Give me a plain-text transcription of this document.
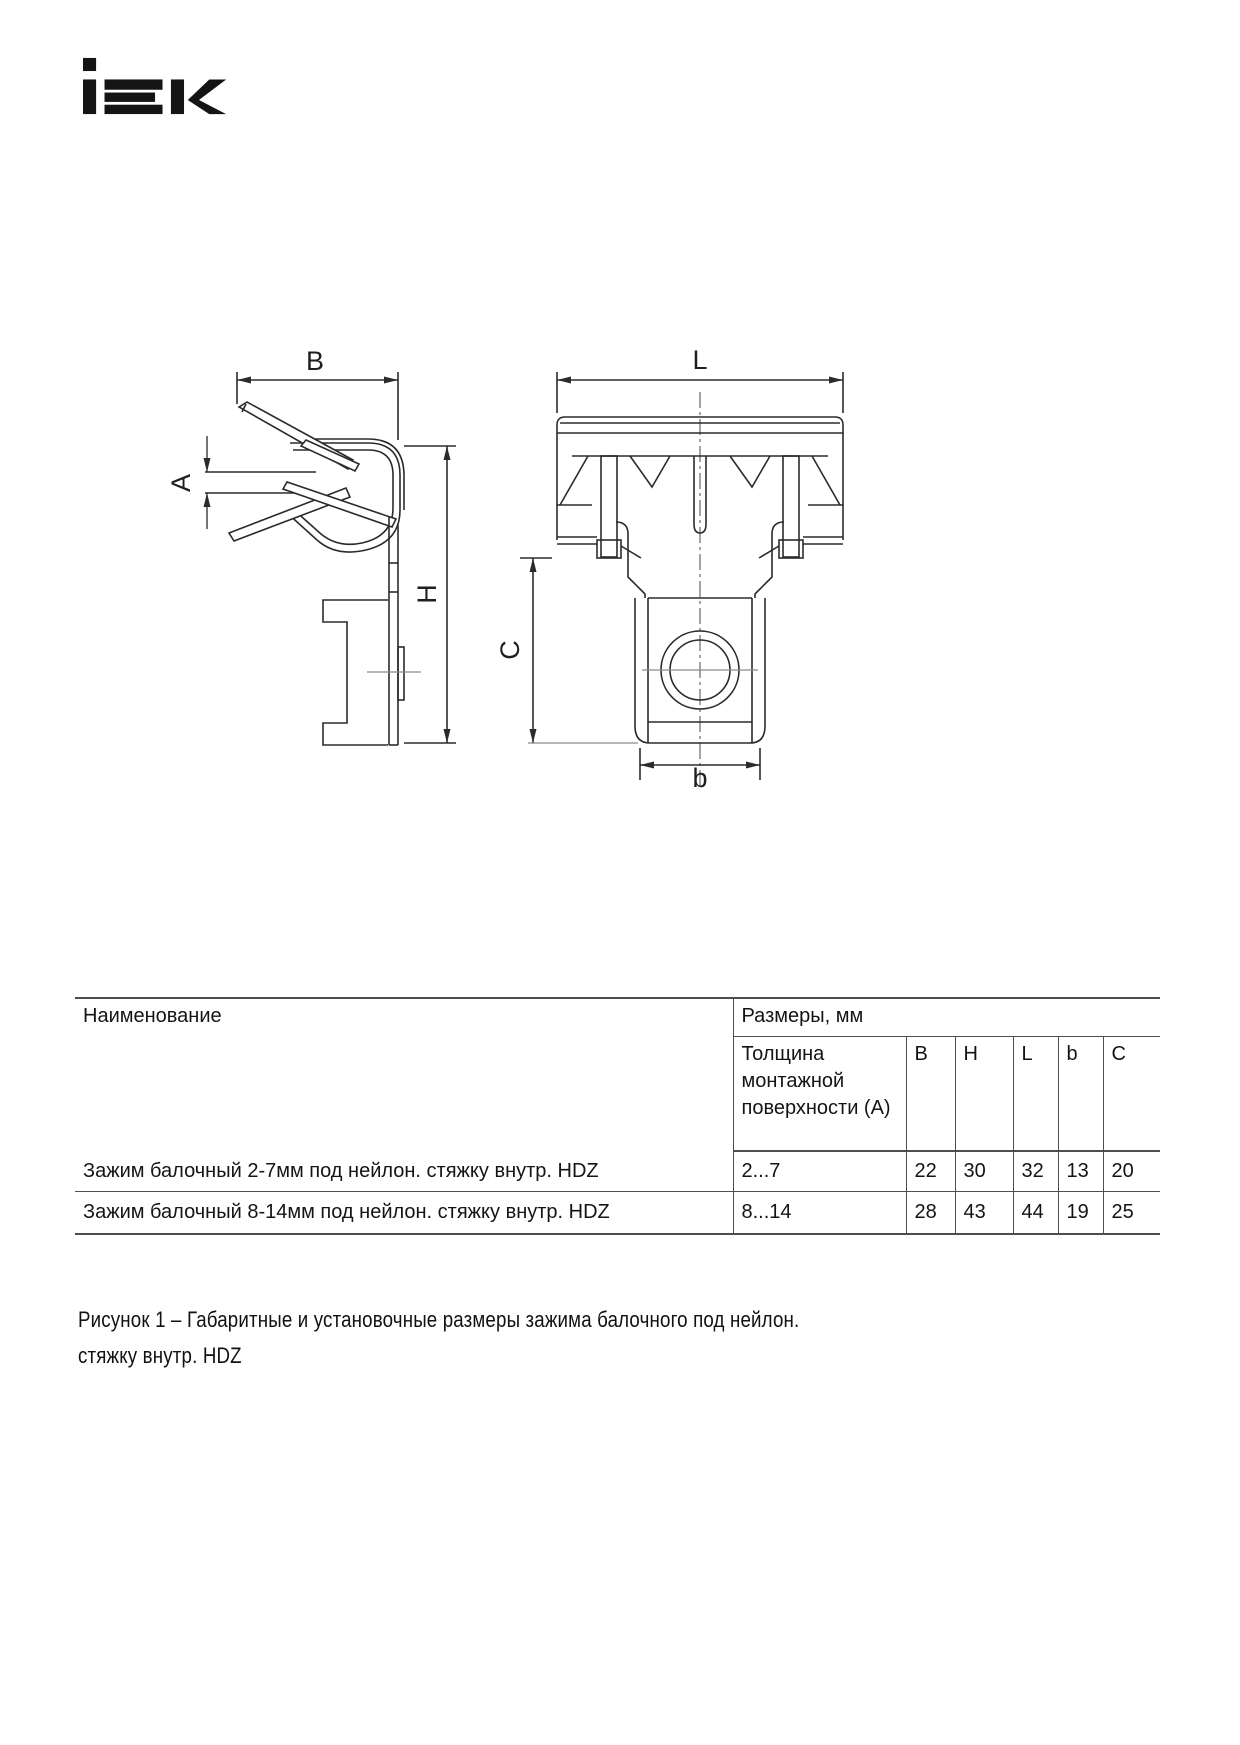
B
A
H
L
C
b
Наименование	Размеры, мм					
	Толщина монтажной поверхности (А)	B	H	L	b	C
Зажим балочный 2-7мм под нейлон. стяжку внутр. HDZ	2...7	22	30	32	13	20
Зажим балочный 8-14мм под нейлон. стяжку внутр. HDZ	8...14	28	43	44	19	25
Рисунок 1 – Габаритные и установочные размеры зажима балочного под нейлон.
стяжку внутр. HDZ
